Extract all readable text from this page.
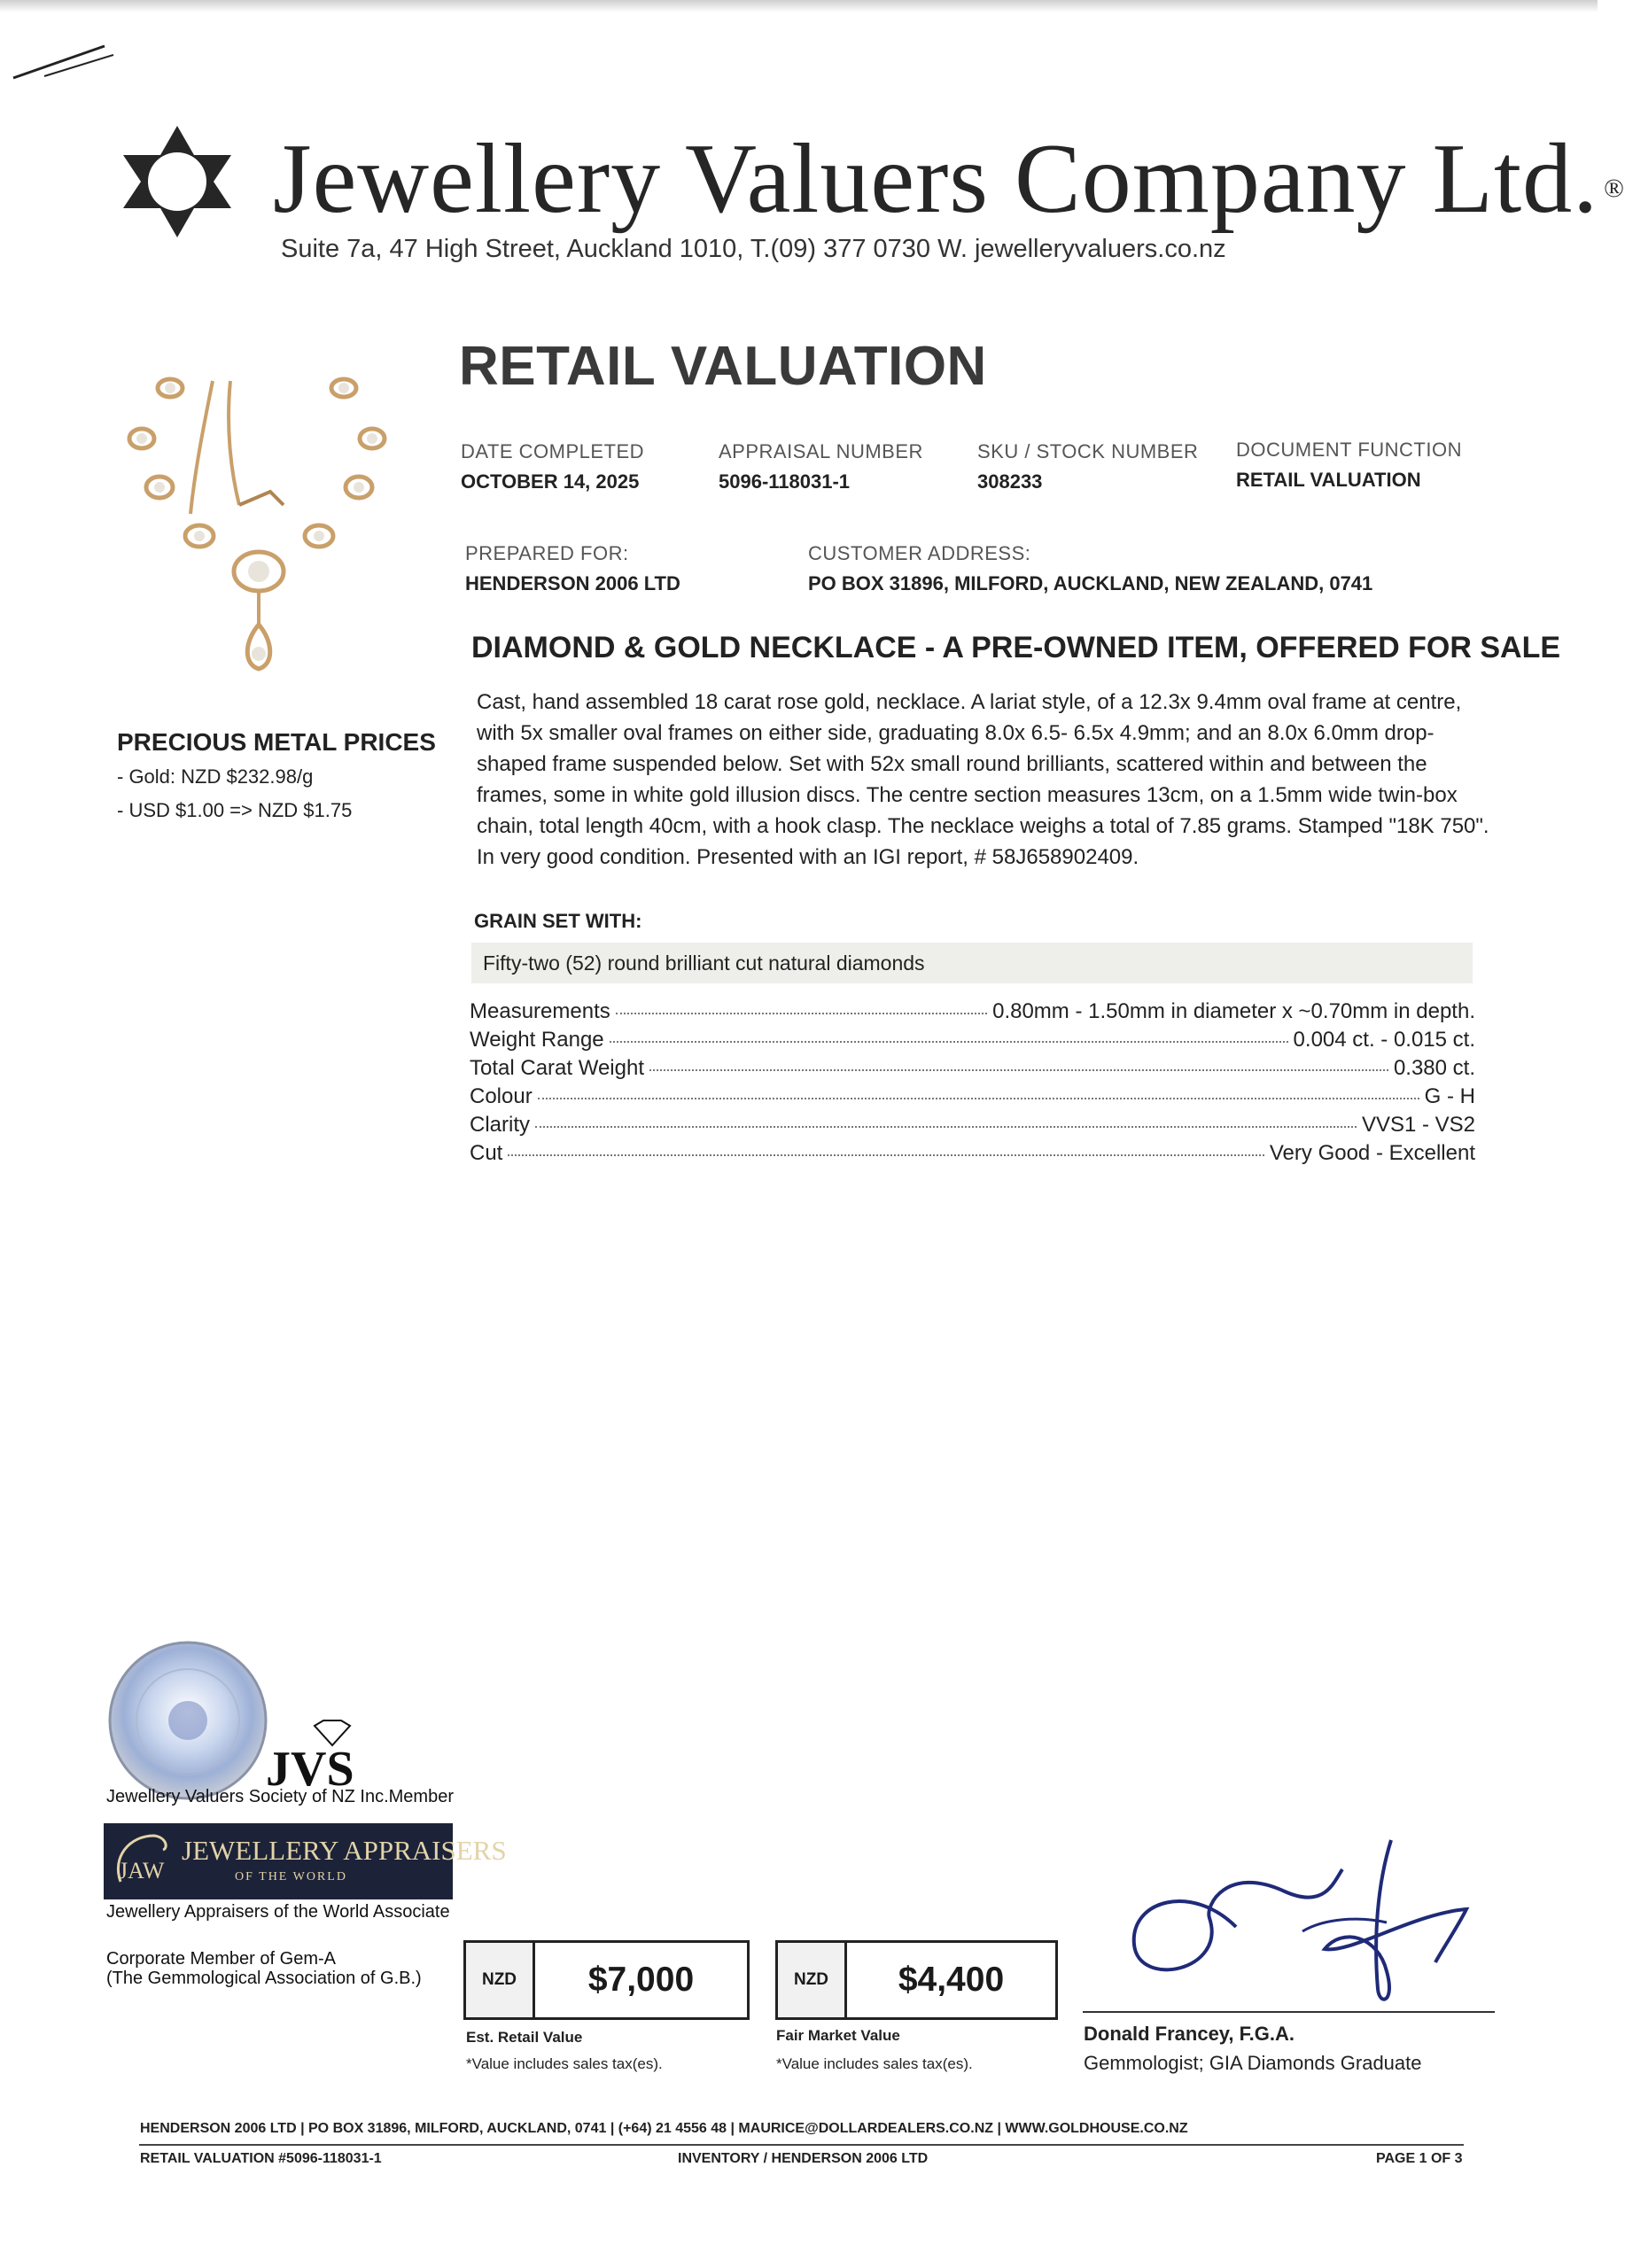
Jewellery Valuers Company Ltd. ®
Suite 7a, 47 High Street, Auckland 1010, T.(09) 377 0730 W. jewelleryvaluers.co.nz
RETAIL VALUATION
DATE COMPLETED
OCTOBER 14, 2025
APPRAISAL NUMBER
5096-118031-1
SKU / STOCK NUMBER
308233
DOCUMENT FUNCTION
RETAIL VALUATION
PREPARED FOR:
HENDERSON 2006 LTD
CUSTOMER ADDRESS:
PO BOX 31896, MILFORD, AUCKLAND, NEW ZEALAND, 0741
PRECIOUS METAL PRICES
- Gold: NZD $232.98/g
- USD $1.00 => NZD $1.75
DIAMOND & GOLD NECKLACE - A PRE-OWNED ITEM, OFFERED FOR SALE
Cast, hand assembled 18 carat rose gold, necklace. A lariat style, of a 12.3x 9.4mm oval frame at centre, with 5x smaller oval frames on either side, graduating 8.0x 6.5- 6.5x 4.9mm; and an 8.0x 6.0mm drop-shaped frame suspended below. Set with 52x small round brilliants, scattered within and between the frames, some in white gold illusion discs. The centre section measures 13cm, on a 1.5mm wide twin-box chain, total length 40cm, with a hook clasp. The necklace weighs a total of 7.85 grams. Stamped "18K 750". In very good condition. Presented with an IGI report, # 58J658902409.
GRAIN SET WITH:
Fifty-two (52) round brilliant cut natural diamonds
Measurements	0.80mm - 1.50mm in diameter x ~0.70mm in depth.
Weight Range	0.004 ct. - 0.015 ct.
Total Carat Weight	0.380 ct.
Colour	G - H
Clarity	VVS1 - VS2
Cut	Very Good - Excellent
JVS
Jewellery Valuers Society of NZ Inc.Member
JAW
JEWELLERY APPRAISERS
OF THE WORLD
Jewellery Appraisers of the World Associate
Corporate Member of Gem-A
(The Gemmological Association of G.B.)	NZD	$7,000
Est. Retail Value
*Value includes sales tax(es).
NZD	$4,400
Fair Market Value
*Value includes sales tax(es).
Donald Francey, F.G.A.
Gemmologist; GIA Diamonds Graduate
HENDERSON 2006 LTD | PO BOX 31896, MILFORD, AUCKLAND, 0741 | (+64) 21 4556 48 | MAURICE@DOLLARDEALERS.CO.NZ | WWW.GOLDHOUSE.CO.NZ
RETAIL VALUATION #5096-118031-1	INVENTORY / HENDERSON 2006 LTD	PAGE 1 OF 3
